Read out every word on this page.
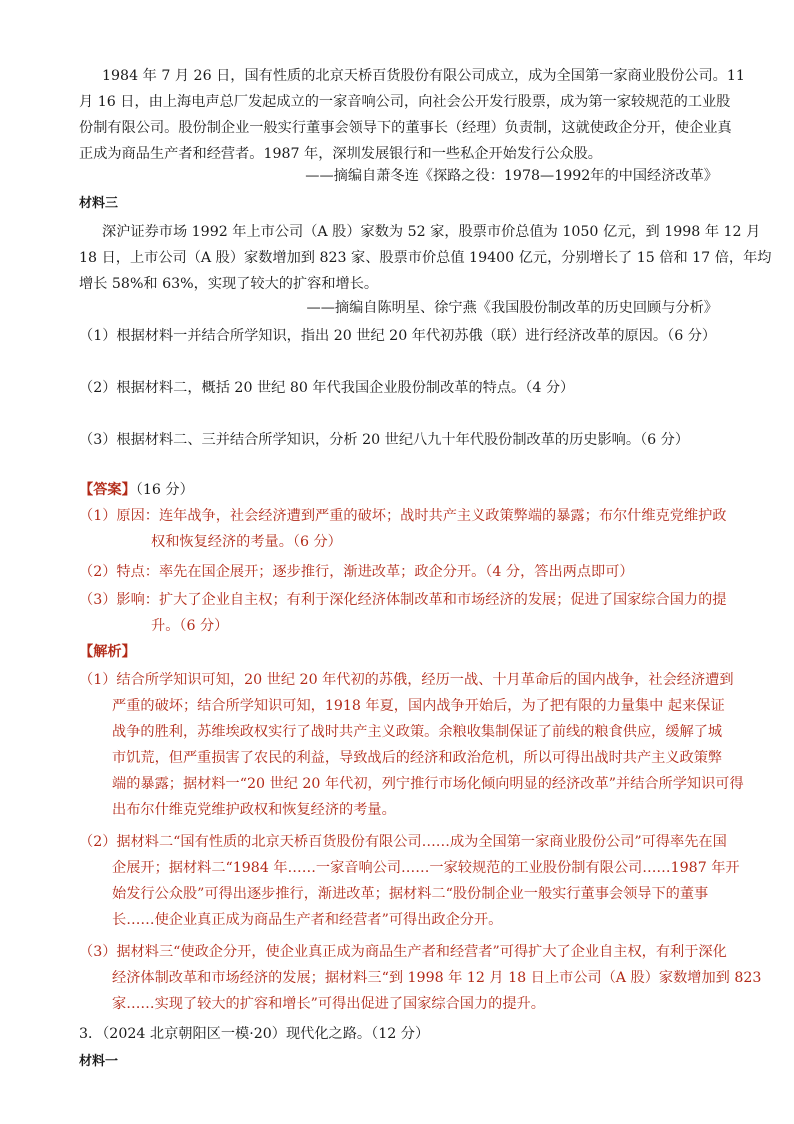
1984 年 7 月 26 日，国有性质的北京天桥百货股份有限公司成立，成为全国第一家商业股份公司。11
月 16 日，由上海电声总厂发起成立的一家音响公司，向社会公开发行股票，成为第一家较规范的工业股
份制有限公司。股份制企业一般实行董事会领导下的董事长（经理）负责制，这就使政企分开，使企业真
正成为商品生产者和经营者。1987 年，深圳发展银行和一些私企开始发行公众股。
——摘编自萧冬连《探路之役：1978—1992年的中国经济改革》
材料三
深沪证券市场 1992 年上市公司（A 股）家数为 52 家，股票市价总值为 1050 亿元，到 1998 年 12 月
18 日，上市公司（A 股）家数增加到 823 家、股票市价总值 19400 亿元，分别增长了 15 倍和 17 倍，年均
增长 58%和 63%，实现了较大的扩容和增长。
——摘编自陈明星、徐宁燕《我国股份制改革的历史回顾与分析》
（1）根据材料一并结合所学知识，指出 20 世纪 20 年代初苏俄（联）进行经济改革的原因。（6 分）
（2）根据材料二，概括 20 世纪 80 年代我国企业股份制改革的特点。（4 分）
（3）根据材料二、三并结合所学知识，分析 20 世纪八九十年代股份制改革的历史影响。（6 分）
【答案】（16 分）
（1）原因：连年战争，社会经济遭到严重的破坏；战时共产主义政策弊端的暴露；布尔什维克党维护政
权和恢复经济的考量。（6 分）
（2）特点：率先在国企展开；逐步推行，渐进改革；政企分开。（4 分，答出两点即可）
（3）影响：扩大了企业自主权；有利于深化经济体制改革和市场经济的发展；促进了国家综合国力的提
升。（6 分）
【解析】
（1）结合所学知识可知，20 世纪 20 年代初的苏俄，经历一战、十月革命后的国内战争，社会经济遭到
严重的破坏；结合所学知识可知，1918 年夏，国内战争开始后，为了把有限的力量集中 起来保证
战争的胜利，苏维埃政权实行了战时共产主义政策。余粮收集制保证了前线的粮食供应，缓解了城
市饥荒，但严重损害了农民的利益，导致战后的经济和政治危机，所以可得出战时共产主义政策弊
端的暴露；据材料一“20 世纪 20 年代初，列宁推行市场化倾向明显的经济改革”并结合所学知识可得
出布尔什维克党维护政权和恢复经济的考量。
（2）据材料二“国有性质的北京天桥百货股份有限公司……成为全国第一家商业股份公司”可得率先在国
企展开；据材料二“1984 年……一家音响公司……一家较规范的工业股份制有限公司……1987 年开
始发行公众股”可得出逐步推行，渐进改革；据材料二“股份制企业一般实行董事会领导下的董事
长……使企业真正成为商品生产者和经营者”可得出政企分开。
（3）据材料三“使政企分开，使企业真正成为商品生产者和经营者”可得扩大了企业自主权，有利于深化
经济体制改革和市场经济的发展；据材料三“到 1998 年 12 月 18 日上市公司（A 股）家数增加到 823
家……实现了较大的扩容和增长”可得出促进了国家综合国力的提升。
3．（2024 北京朝阳区一模·20）现代化之路。（12 分）
材料一
